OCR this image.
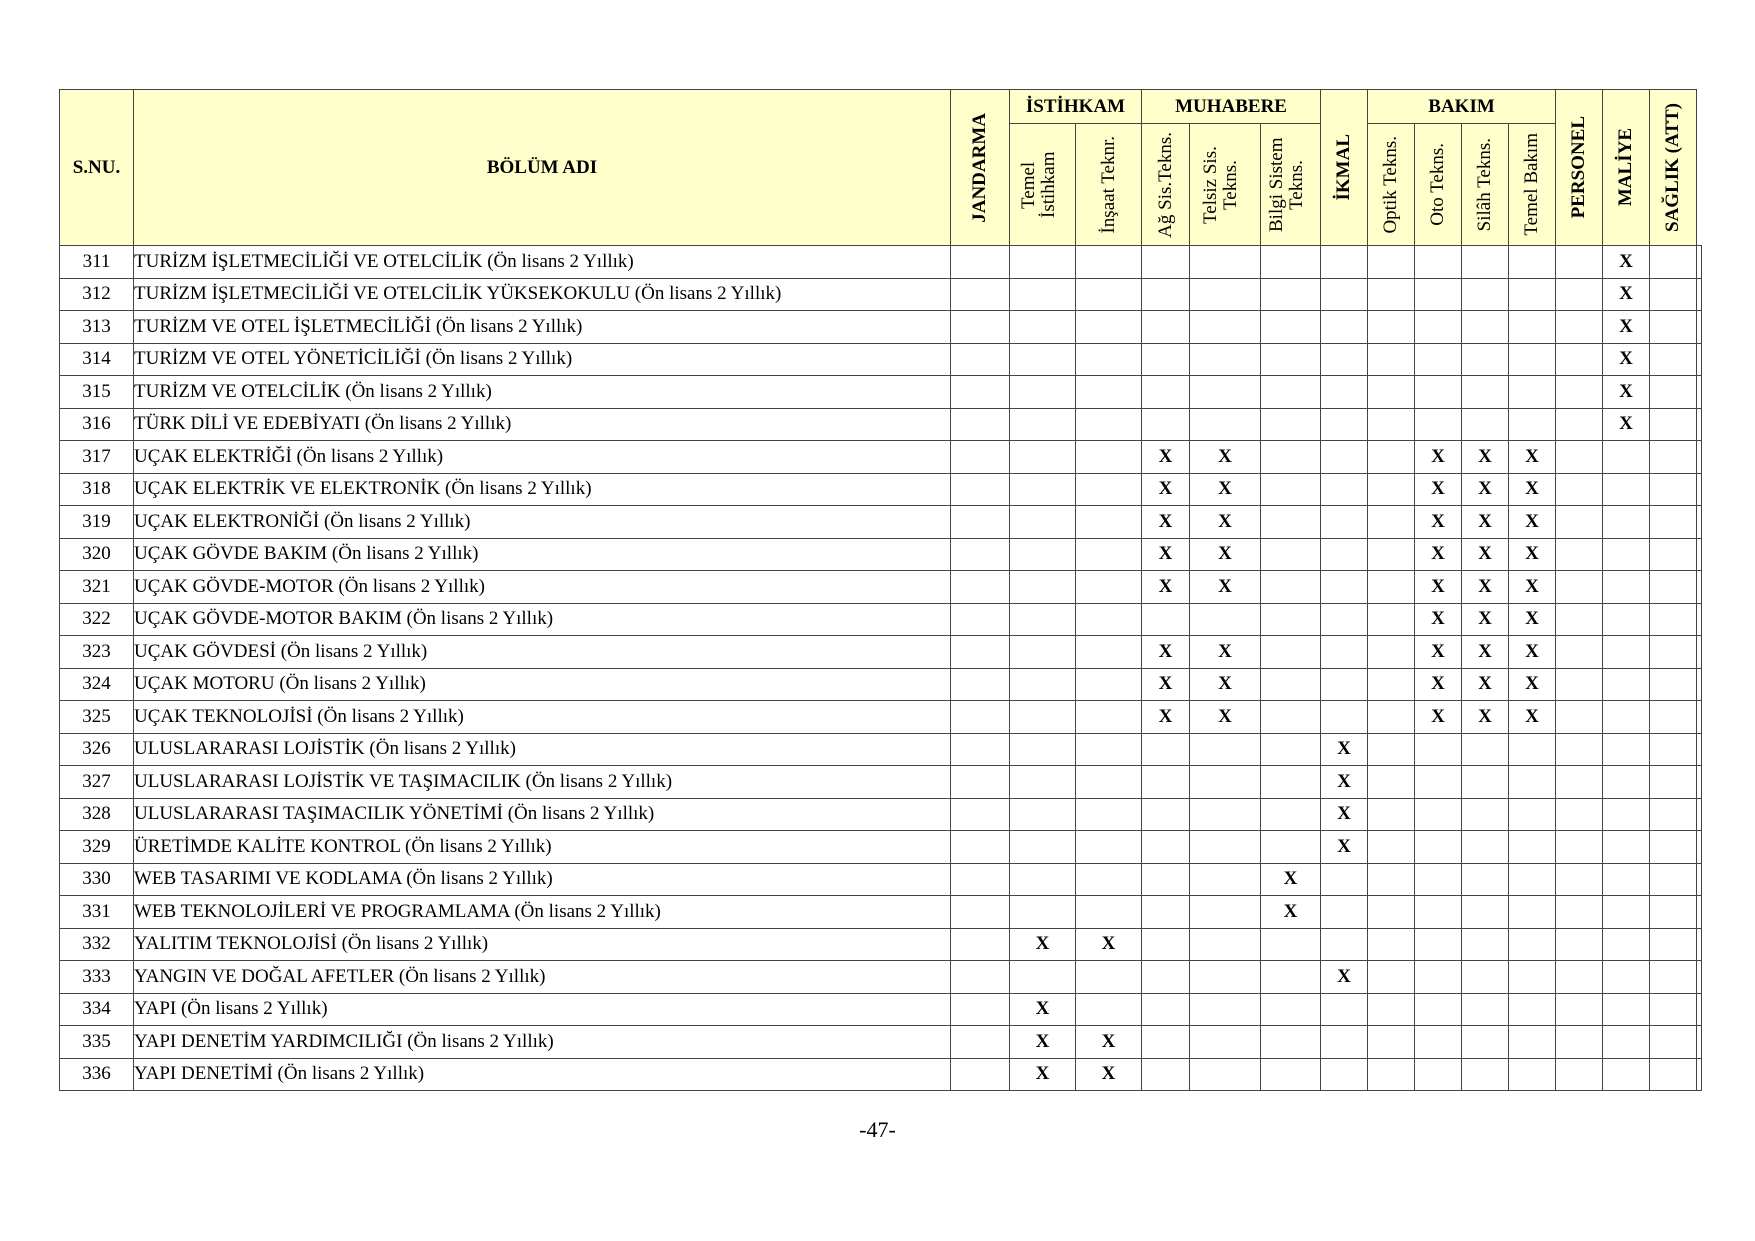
S.NU.	BÖLÜM ADI	JANDARMA	İSTİHKAM		MUHABERE			İKMAL	BAKIM				PERSONEL	MALİYE	SAĞLIK (ATT)	

			Temel İstihkam	İnşaat Teknr.	Ağ Sis.Tekns.	Telsiz Sis. Tekns.	Bilgi Sistem Tekns.		Optik Tekns.	Oto Tekns.	Silâh Tekns.	Temel Bakım				

311	TURİZM İŞLETMECİLİĞİ VE OTELCİLİK (Ön lisans 2 Yıllık)													X		
312	TURİZM İŞLETMECİLİĞİ VE OTELCİLİK YÜKSEKOKULU (Ön lisans 2 Yıllık)													X		
313	TURİZM VE OTEL İŞLETMECİLİĞİ (Ön lisans 2 Yıllık)													X		
314	TURİZM VE OTEL YÖNETİCİLİĞİ (Ön lisans 2 Yıllık)													X		
315	TURİZM VE OTELCİLİK (Ön lisans 2 Yıllık)													X		
316	TÜRK DİLİ VE EDEBİYATI (Ön lisans 2 Yıllık)													X		
317	UÇAK ELEKTRİĞİ (Ön lisans 2 Yıllık)				X	X				X	X	X				
318	UÇAK ELEKTRİK VE ELEKTRONİK (Ön lisans 2 Yıllık)				X	X				X	X	X				
319	UÇAK ELEKTRONİĞİ (Ön lisans 2 Yıllık)				X	X				X	X	X				
320	UÇAK GÖVDE BAKIM (Ön lisans 2 Yıllık)				X	X				X	X	X				
321	UÇAK GÖVDE-MOTOR (Ön lisans 2 Yıllık)				X	X				X	X	X				
322	UÇAK GÖVDE-MOTOR BAKIM (Ön lisans 2 Yıllık)									X	X	X				
323	UÇAK GÖVDESİ (Ön lisans 2 Yıllık)				X	X				X	X	X				
324	UÇAK MOTORU (Ön lisans 2 Yıllık)				X	X				X	X	X				
325	UÇAK TEKNOLOJİSİ (Ön lisans 2 Yıllık)				X	X				X	X	X				
326	ULUSLARARASI LOJİSTİK (Ön lisans 2 Yıllık)							X								
327	ULUSLARARASI LOJİSTİK VE TAŞIMACILIK (Ön lisans 2 Yıllık)							X								
328	ULUSLARARASI TAŞIMACILIK YÖNETİMİ (Ön lisans 2 Yıllık)							X								
329	ÜRETİMDE KALİTE KONTROL (Ön lisans 2 Yıllık)							X								
330	WEB TASARIMI VE KODLAMA (Ön lisans 2 Yıllık)						X									
331	WEB TEKNOLOJİLERİ VE PROGRAMLAMA (Ön lisans 2 Yıllık)						X									
332	YALITIM TEKNOLOJİSİ (Ön lisans 2 Yıllık)		X	X												
333	YANGIN VE DOĞAL AFETLER (Ön lisans 2 Yıllık)							X								
334	YAPI (Ön lisans 2 Yıllık)		X													
335	YAPI DENETİM YARDIMCILIĞI (Ön lisans 2 Yıllık)		X	X												
336	YAPI DENETİMİ (Ön lisans 2 Yıllık)		X	X												
-47-
